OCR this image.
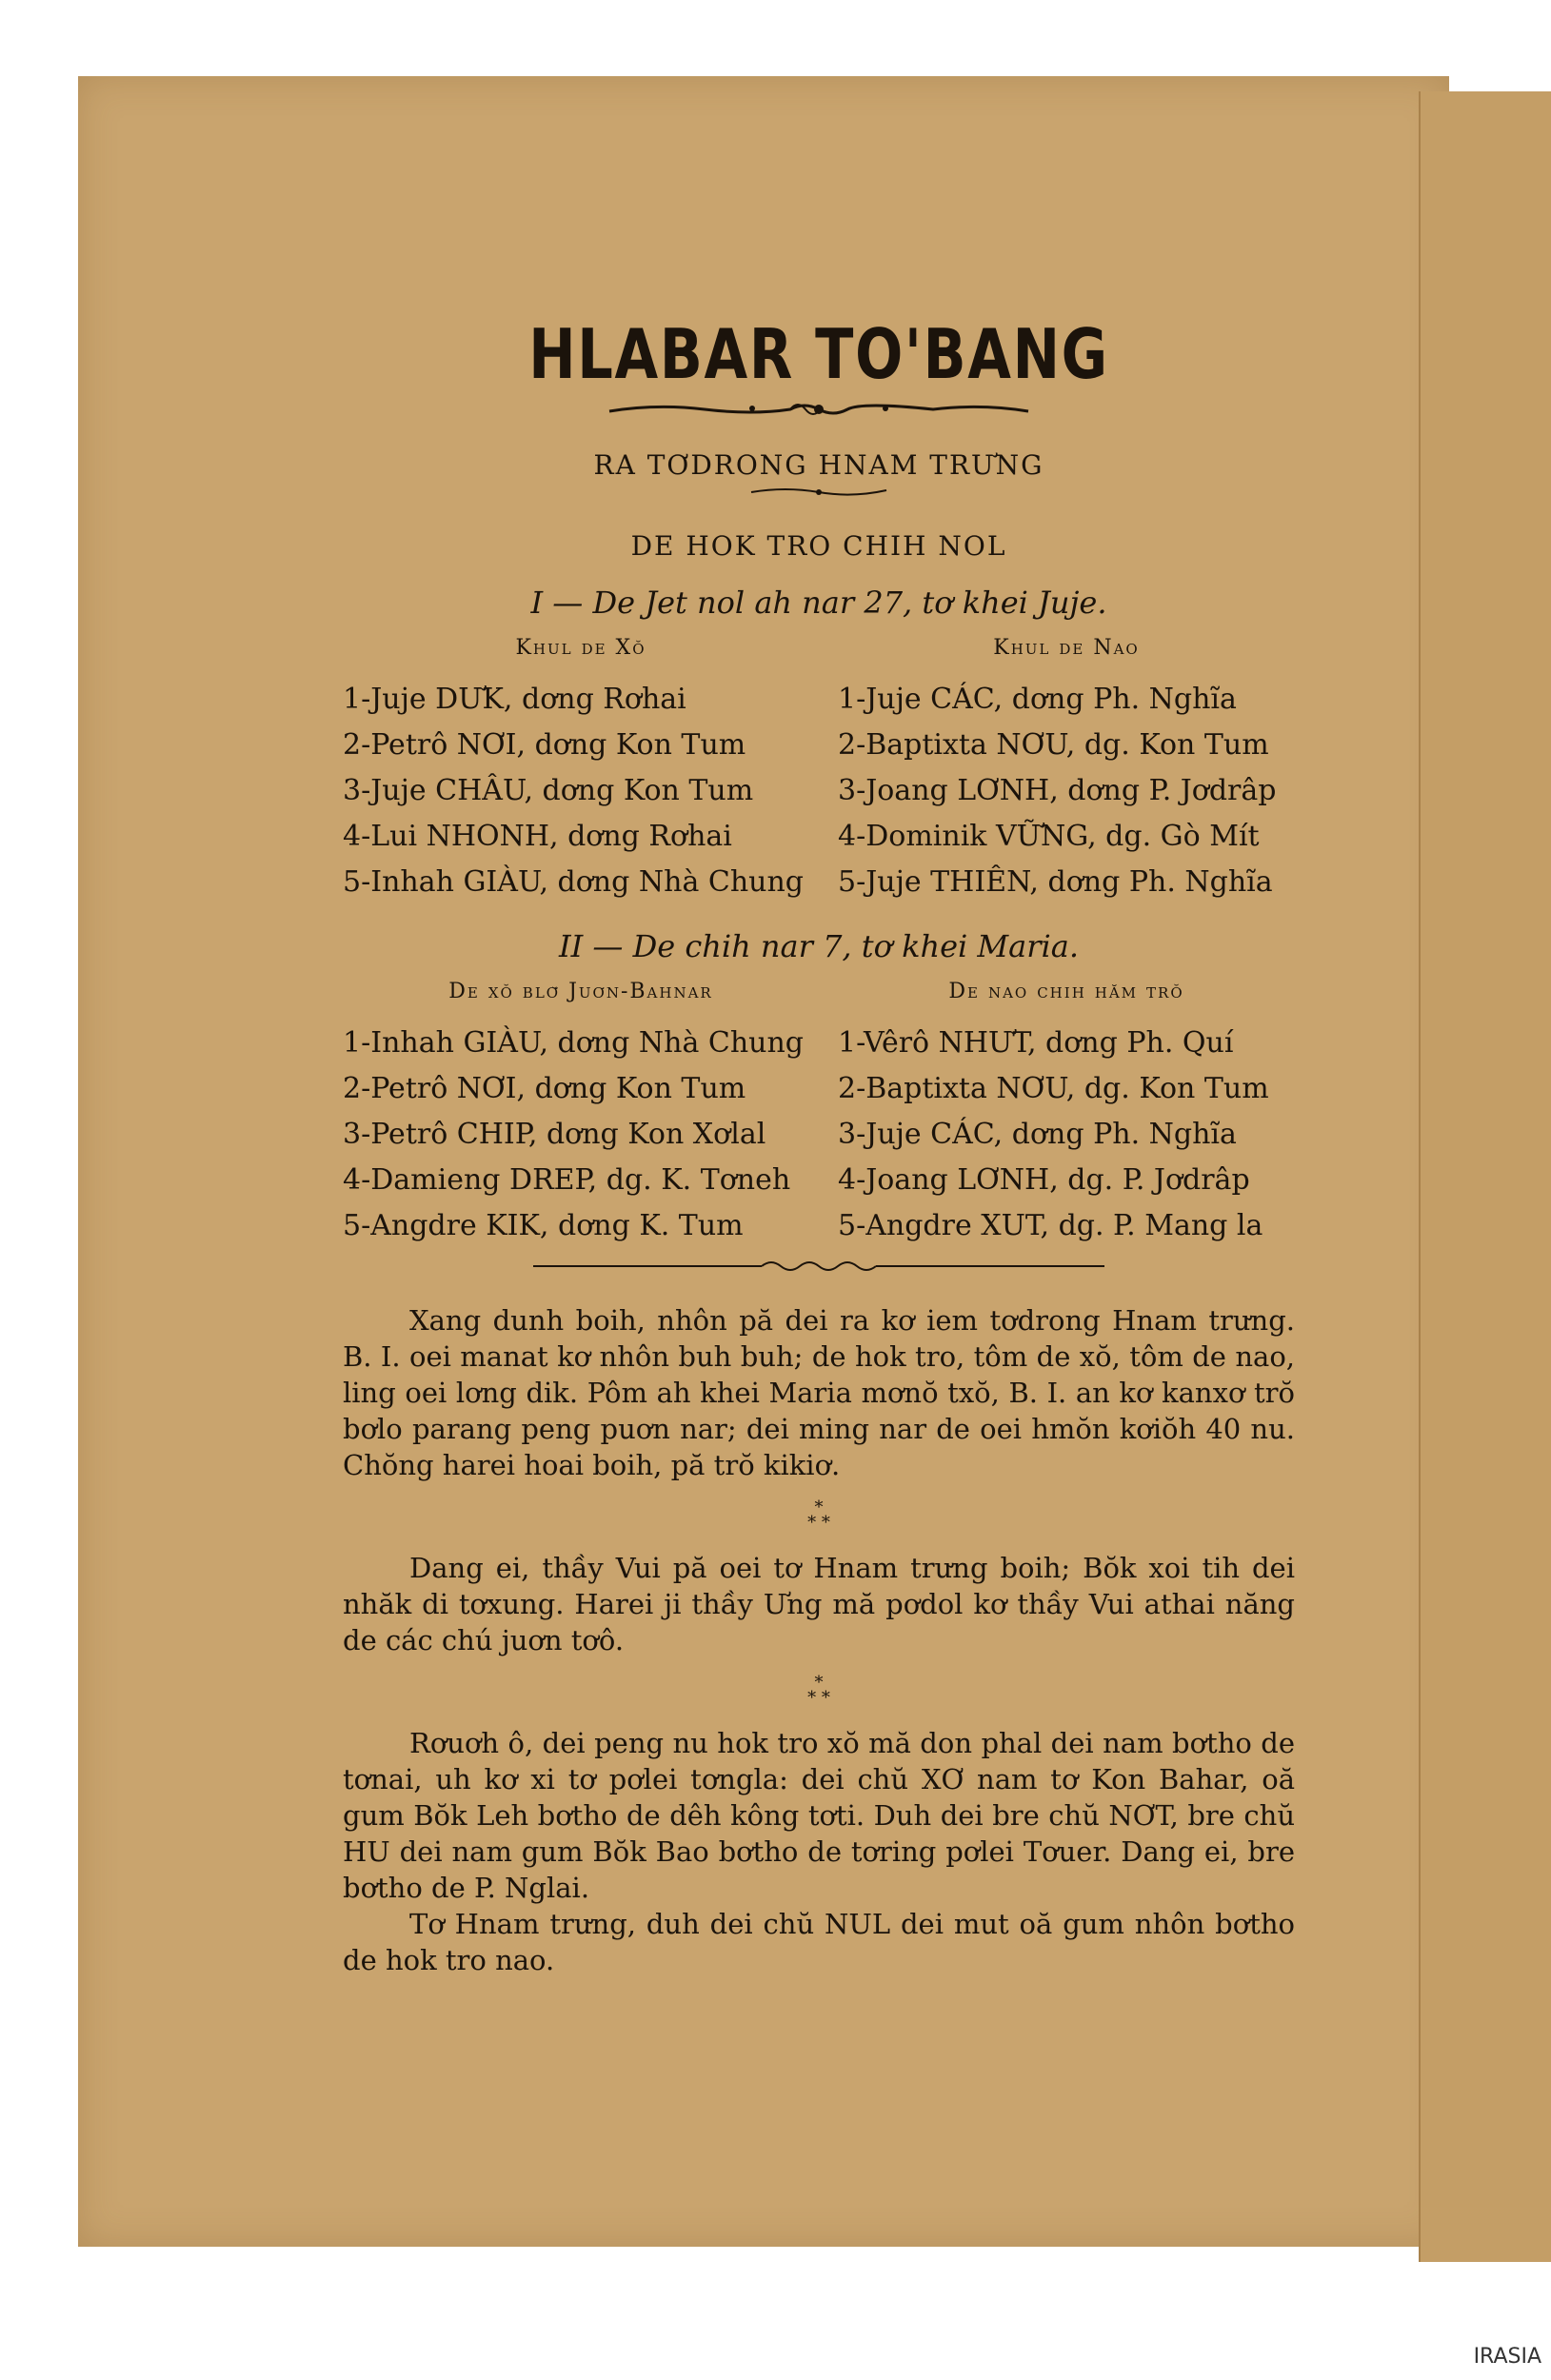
HLABAR TO'BANG

RA TƠDRONG HNAM TRƯNG

DE HOK TRO CHIH NOL

I — De Jet nol ah nar 27, tơ khei Juje.

Khul de Xŏ
1-Juje DƯK, dơng Rơhai
2-Petrô NƠI, dơng Kon Tum
3-Juje CHÂU, dơng Kon Tum
4-Lui NHONH, dơng Rơhai
5-Inhah GIÀU, dơng Nhà Chung
Khul de Nao
1-Juje CÁC, dơng Ph. Nghĩa
2-Baptixta NƠU, dg. Kon Tum
3-Joang LƠNH, dơng P. Jơdrâp
4-Dominik VỮNG, dg. Gò Mít
5-Juje THIÊN, dơng Ph. Nghĩa

II — De chih nar 7, tơ khei Maria.

De xŏ blơ̆ Juơn-Bahnar
1-Inhah GIÀU, dơng Nhà Chung
2-Petrô NƠI, dơng Kon Tum
3-Petrô CHIP, dơng Kon Xơlal
4-Damieng DREP, dg. K. Tơneh
5-Angdre KIK, dơng K. Tum
De nao chih hăm trŏ
1-Vêrô NHƯT, dơng Ph. Quí
2-Baptixta NƠU, dg. Kon Tum
3-Juje CÁC, dơng Ph. Nghĩa
4-Joang LƠNH, dg. P. Jơdrâp
5-Angdre XUT, dg. P. Mang la

Xang dunh boih, nhôn pă dei ra kơ iem tơdrong Hnam trưng. B. I. oei manat kơ nhôn buh buh; de hok tro, tôm de xŏ, tôm de nao, ling oei lơng dik. Pôm ah khei Maria mơnŏ txŏ, B. I. an kơ kanxơ trŏ bơlo parang peng puơn nar; dei ming nar de oei hmŏn kơiŏh 40 nu. Chŏng harei hoai boih, pă trŏ kikiơ.

*
* *

Dang ei, thầy Vui pă oei tơ Hnam trưng boih; Bŏk xoi tih dei nhăk di tơxung. Harei ji thầy Ưng mă pơdol kơ thầy Vui athai năng de các chú juơn tơô.

*
* *

Rơuơh ô, dei peng nu hok tro xŏ mă don phal dei nam bơtho de tơnai, uh kơ xi tơ pơlei tơngla: dei chŭ XƠ nam tơ Kon Bahar, oă gum Bŏk Leh bơtho de dêh kông tơti. Duh dei bre chŭ NƠT, bre chŭ HU dei nam gum Bŏk Bao bơtho de tơring pơlei Tơuer. Dang ei, bre bơtho de P. Nglai.

Tơ Hnam trưng, duh dei chŭ NUL dei mut oă gum nhôn bơtho de hok tro nao.

IRASIA
